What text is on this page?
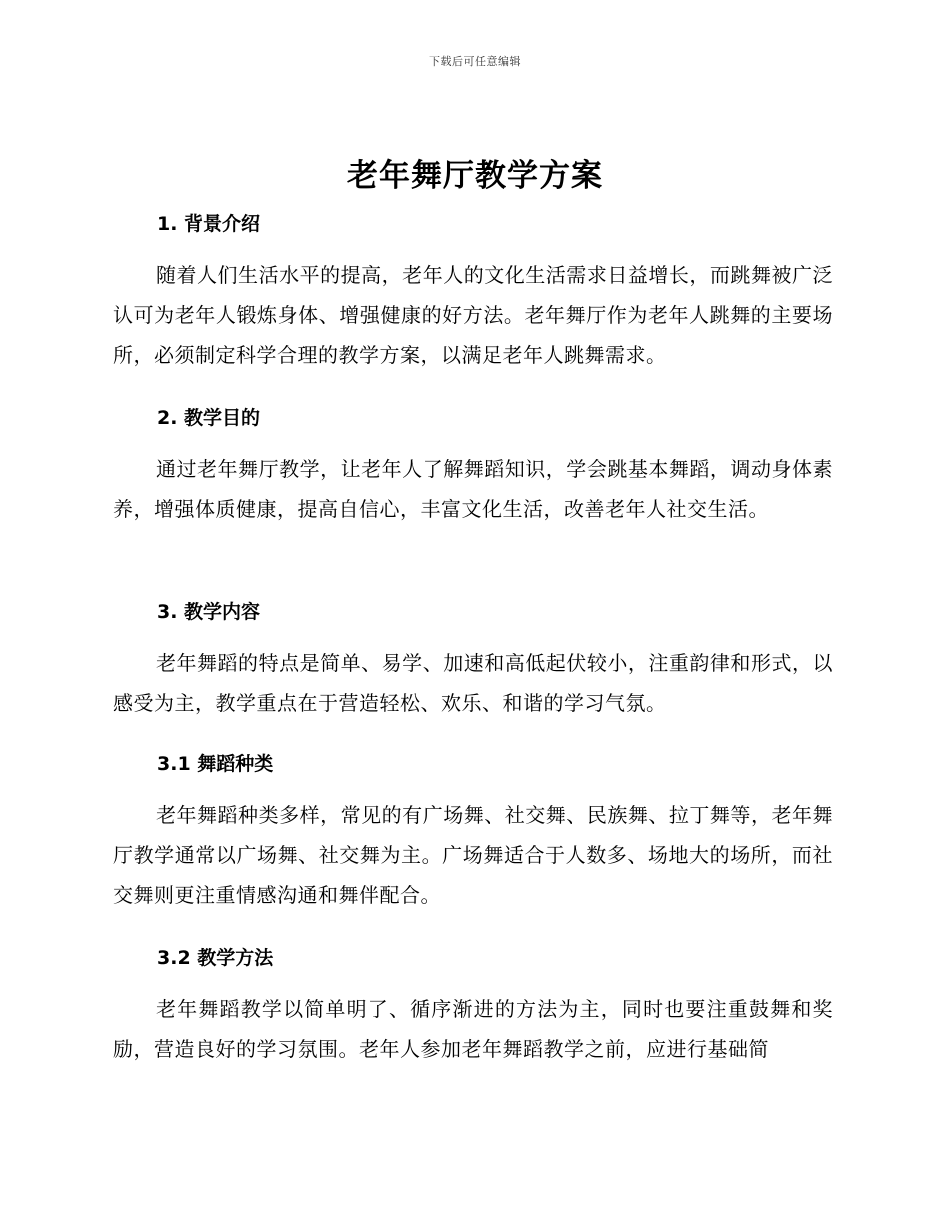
下载后可任意编辑
老年舞厅教学方案
1. 背景介绍
随着人们生活水平的提高，老年人的文化生活需求日益增长，而跳舞被广泛认可为老年人锻炼身体、增强健康的好方法。老年舞厅作为老年人跳舞的主要场所，必须制定科学合理的教学方案，以满足老年人跳舞需求。
2. 教学目的
通过老年舞厅教学，让老年人了解舞蹈知识，学会跳基本舞蹈，调动身体素养，增强体质健康，提高自信心，丰富文化生活，改善老年人社交生活。
3. 教学内容
老年舞蹈的特点是简单、易学、加速和高低起伏较小，注重韵律和形式，以感受为主，教学重点在于营造轻松、欢乐、和谐的学习气氛。
3.1 舞蹈种类
老年舞蹈种类多样，常见的有广场舞、社交舞、民族舞、拉丁舞等，老年舞厅教学通常以广场舞、社交舞为主。广场舞适合于人数多、场地大的场所，而社交舞则更注重情感沟通和舞伴配合。
3.2 教学方法
老年舞蹈教学以简单明了、循序渐进的方法为主，同时也要注重鼓舞和奖励，营造良好的学习氛围。老年人参加老年舞蹈教学之前，应进行基础简
